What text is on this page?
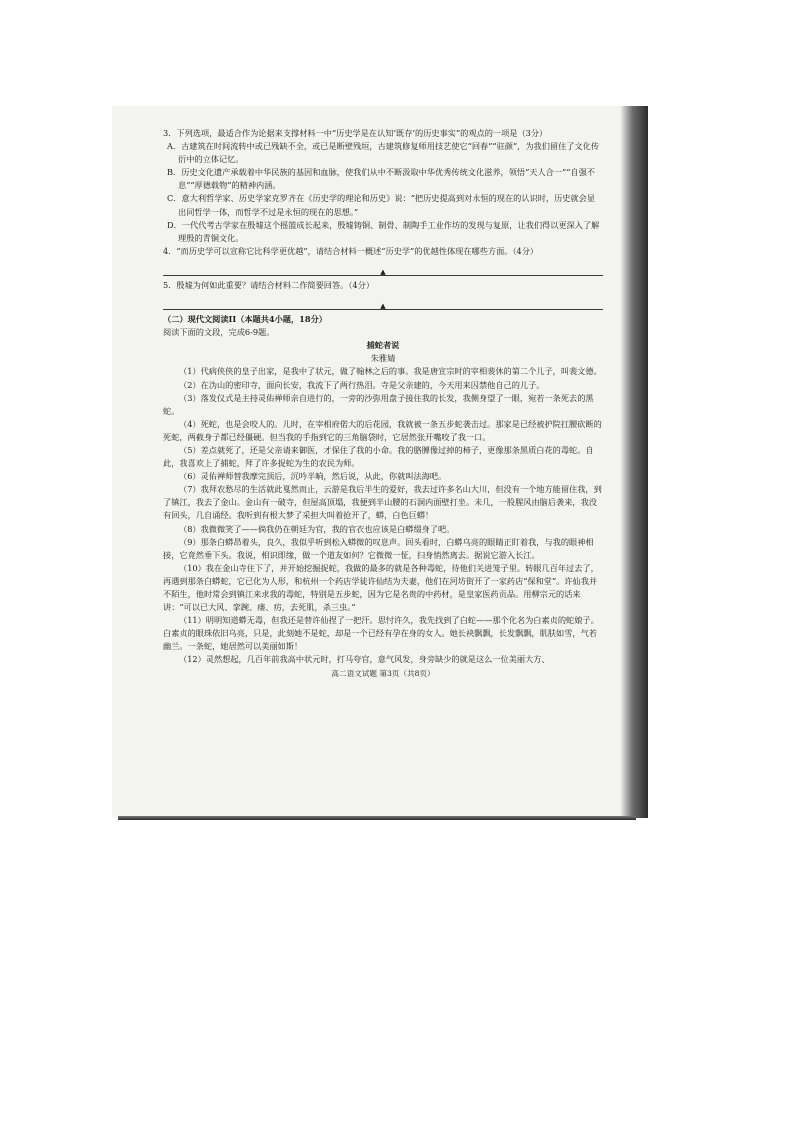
3．下列选项，最适合作为论据来支撑材料一中“历史学是在认知‘既存’的历史事实”的观点的一项是（3分）

A．古建筑在时间流转中或已残缺不全，或已是断壁残垣，古建筑修复师用技艺使它“回春”“驻颜”，为我们留住了文化传衍中的立体记忆。

B．历史文化遗产承载着中华民族的基因和血脉，使我们从中不断汲取中华优秀传统文化滋养，领悟“天人合一”“自强不息”“厚德载物”的精神内涵。

C．意大利哲学家、历史学家克罗齐在《历史学的理论和历史》说：“把历史提高到对永恒的现在的认识时，历史就会显出同哲学一体，而哲学不过是永恒的现在的思想。”

D．一代代考古学家在殷墟这个摇篮成长起来，殷墟铸铜、制骨、制陶手工业作坊的发现与复原，让我们得以更深入了解理殷的青铜文化。

4．“而历史学可以宣称它比科学更优越”，请结合材料一概述“历史学”的优越性体现在哪些方面。（4分）

▲

5．殷墟为何如此重要？请结合材料二作简要回答。（4分）

▲

（二）现代文阅读II（本题共4小题，18分）

阅读下面的文段，完成6-9题。

捕蛇者说

朱雅婧

（1）代病侠侠的皇子出家，是我中了状元，做了翰林之后的事。我是唐宣宗时的宰相裴休的第二个儿子，叫裴文德。

（2）在沩山的密印寺，面向长安，我流下了两行热泪。寺是父亲建的，今天用来囚禁他自己的儿子。

（3）落发仪式是主持灵佑禅师亲自进行的，一旁的沙弥用盘子接住我的长发，我侧身望了一眼，宛若一条死去的黑蛇。

（4）死蛇，也是会咬人的。儿时，在宰相府偌大的后花园，我就被一条五步蛇袭击过。那家是已经被护院扛腰砍断的死蛇，两截身子都已经僵硬。但当我的手指到它的三角脑袋时，它居然张开嘴咬了我一口。

（5）差点就死了，还是父亲请来御医，才保住了我的小命。我的胳膊像过掉的柿子，更像那条黑质白花的毒蛇。自此，我喜欢上了捕蛇，拜了许多捉蛇为生的农民为师。

（6）灵佑禅师替我摩完顶后，沉吟半晌，然后说，从此，你就叫法海吧。

（7）我拜农愁尽的生活就此戛然而止，云游是我后半生的爱好，我去过许多名山大川，但没有一个地方能留住我，到了镇江，我去了金山。金山有一破寺，但屋高顶塌，我便到半山腰的石洞内面壁打坐。未几，一股腥风由脑后袭来，我没有回头，几自诵经。我听到有根大梦了采担大叫着抢开了，蟒，白色巨蟒！

（8）我微微笑了——倘我仍在朝廷为官，我的官衣也应该是白蟒缀身了吧。

（9）那条白蟒昂着头，良久，我似乎听到松入蟒微的叹息声。回头看时，白蟒乌亮的眼睛正盯着我，与我的眼神相接，它竟然垂下头。我说，相识即缘，做一个道友如何？它微微一怔，扫身悄然离去。据说它游入长江。

（10）我在金山寺住下了，并开始挖掘捉蛇，我做的最多的就是各种毒蛇，待他们关进笼子里。转眼几百年过去了，再遇到那条白蟒蛇，它已化为人形，和杭州一个药店学徒许仙结为夫妻，他们在河坊街开了一家药店“保和堂”。许仙我并不陌生，他时常会到镇江来求我的毒蛇，特别是五步蛇，因为它是名贵的中药材，是皇家医药贡品。用柳宗元的话来讲：“可以已大风、挛踠、瘘、疠，去死肌，杀三虫。”

（11）明明知道蟒无毒，但我还是替许仙捏了一把汗。思忖许久，我先找到了白蛇——那个化名为白素贞的蛇娘子。白素贞的眼珠依旧乌亮，只是，此刻她不是蛇，却是一个已经有孕在身的女人。她长袂飘飘，长发飘飘，肌肤如雪，气若幽兰。一条蛇，她居然可以美丽如斯！

（12）灵然想起，几百年前我高中状元时，打马夸官，意气风发，身旁缺少的就是这么一位美丽大方、

高二语文试题 第3页（共8页）
